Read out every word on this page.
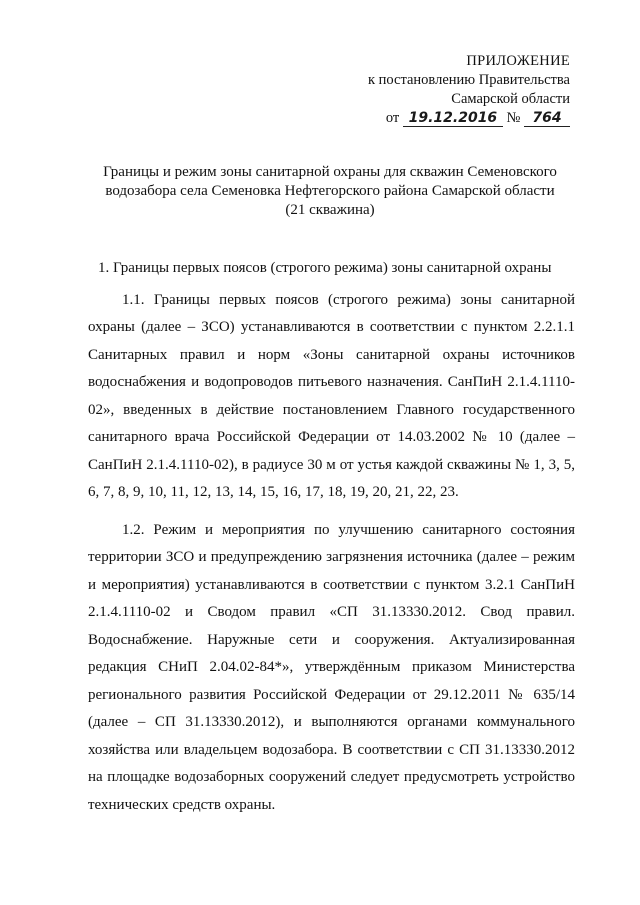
ПРИЛОЖЕНИЕ
к постановлению Правительства
Самарской области
от 19.12.2016 № 764
Границы и режим зоны санитарной охраны для скважин Семеновского
водозабора села Семеновка Нефтегорского района Самарской области
(21 скважина)

1. Границы первых поясов (строгого режима) зоны санитарной охраны

1.1. Границы первых поясов (строгого режима) зоны санитарной охраны (далее – ЗСО) устанавливаются в соответствии с пунктом 2.2.1.1 Санитарных правил и норм «Зоны санитарной охраны источников водоснабжения и водопроводов питьевого назначения. СанПиН 2.1.4.1110-02», введенных в действие постановлением Главного государственного санитарного врача Российской Федерации от 14.03.2002 № 10 (далее – СанПиН 2.1.4.1110-02), в радиусе 30 м от устья каждой скважины № 1, 3, 5, 6, 7, 8, 9, 10, 11, 12, 13, 14, 15, 16, 17, 18, 19, 20, 21, 22, 23.

1.2. Режим и мероприятия по улучшению санитарного состояния территории ЗСО и предупреждению загрязнения источника (далее – режим и мероприятия) устанавливаются в соответствии с пунктом 3.2.1 СанПиН 2.1.4.1110-02 и Сводом правил «СП 31.13330.2012. Свод правил. Водоснабжение. Наружные сети и сооружения. Актуализированная редакция СНиП 2.04.02-84*», утверждённым приказом Министерства регионального развития Российской Федерации от 29.12.2011 № 635/14 (далее – СП 31.13330.2012), и выполняются органами коммунального хозяйства или владельцем водозабора. В соответствии с СП 31.13330.2012 на площадке водозаборных сооружений следует предусмотреть устройство технических средств охраны.
